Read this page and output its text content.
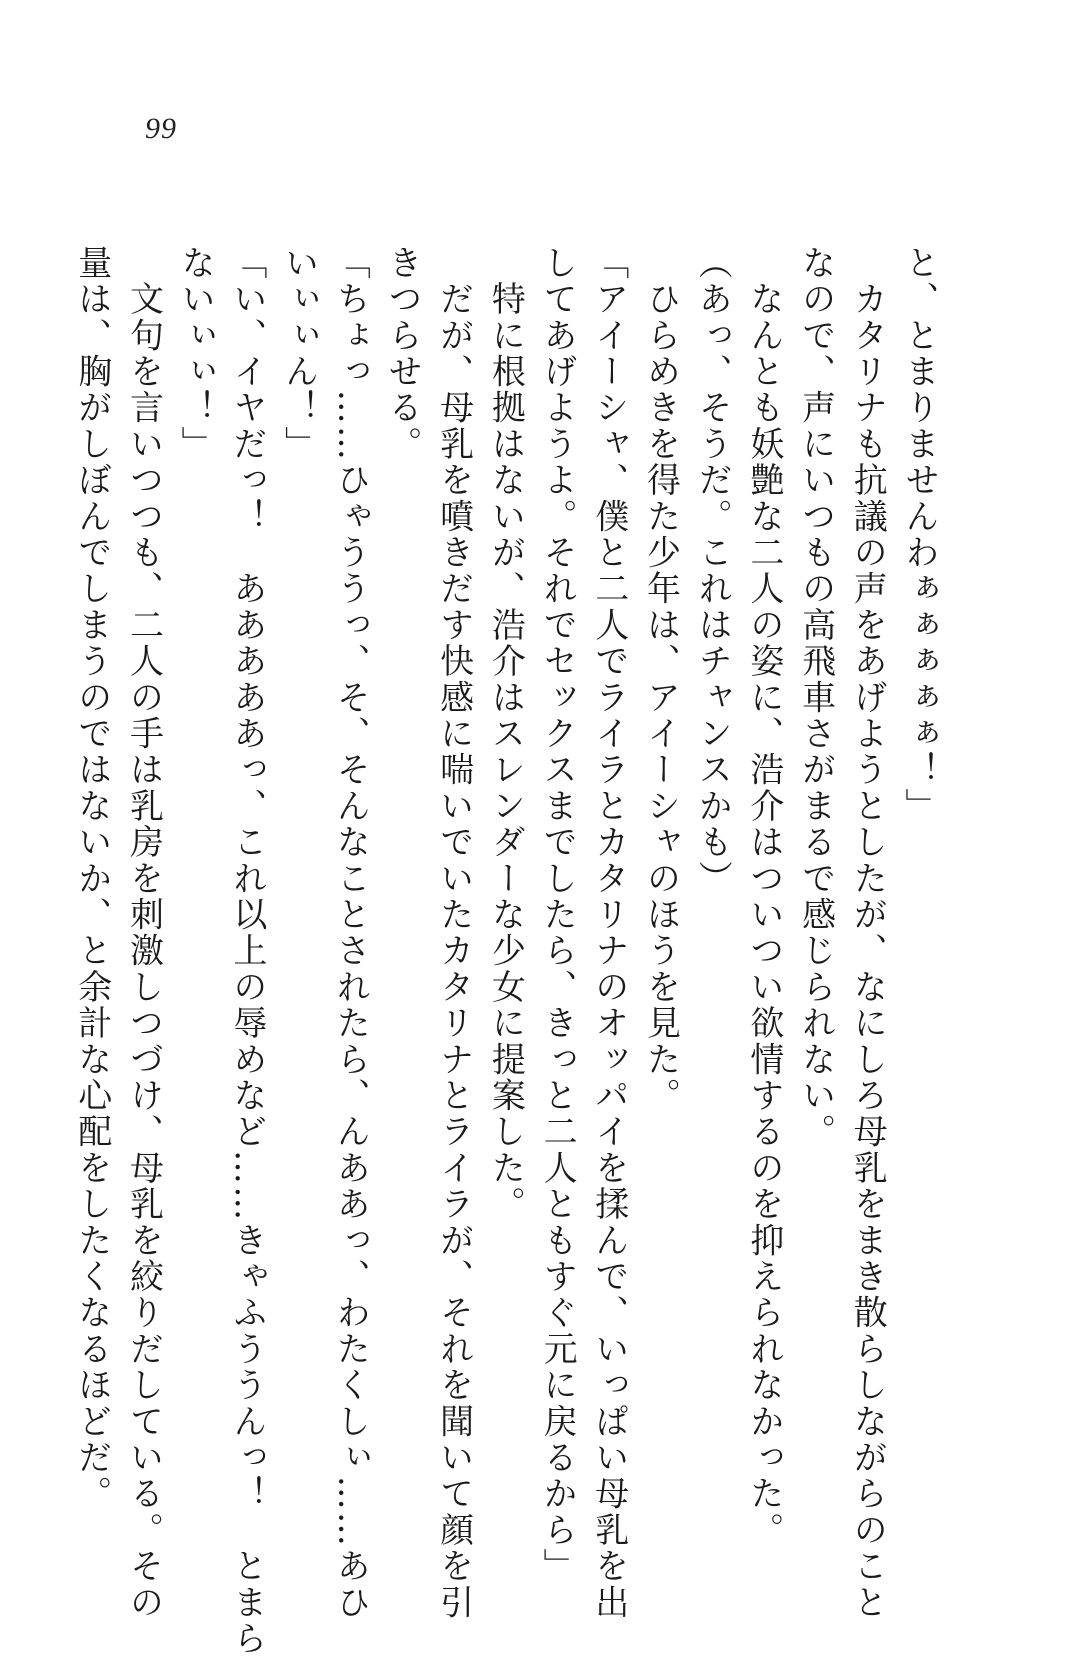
99
と、とまりませんわぁぁぁぁぁ！」
　カタリナも抗議の声をあげようとしたが、なにしろ母乳をまき散らしながらのこと
なので、声にいつもの高飛車さがまるで感じられない。
　なんとも妖艶な二人の姿に、浩介はついつい欲情するのを抑えられなかった。
（あっ、そうだ。これはチャンスかも）
　ひらめきを得た少年は、アイーシャのほうを見た。
「アイーシャ、僕と二人でライラとカタリナのオッパイを揉んで、いっぱい母乳を出
してあげようよ。それでセックスまでしたら、きっと二人ともすぐ元に戻るから」
　特に根拠はないが、浩介はスレンダーな少女に提案した。
　だが、母乳を噴きだす快感に喘いでいたカタリナとライラが、それを聞いて顔を引
きつらせる。
「ちょっ……ひゃううっ、そ、そんなことされたら、んああっ、わたくしぃ……あひ
いぃぃん！」
「い、イヤだっ！　あああああっ、これ以上の辱めなど……きゃふううんっ！　とまら
ないぃぃ！」
　文句を言いつつも、二人の手は乳房を刺激しつづけ、母乳を絞りだしている。その
量は、胸がしぼんでしまうのではないか、と余計な心配をしたくなるほどだ。
